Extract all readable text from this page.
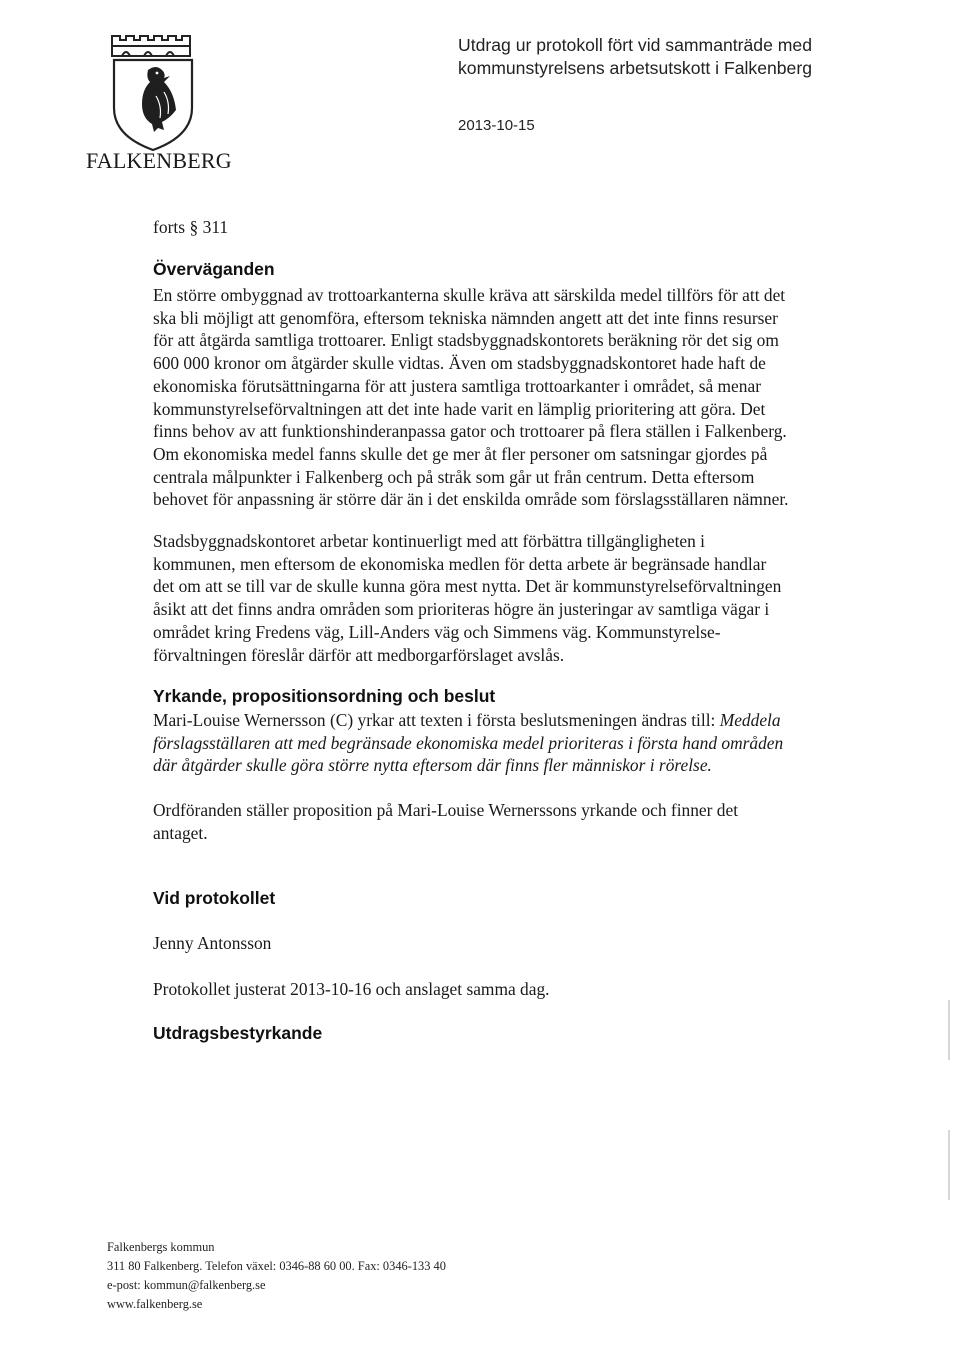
FALKENBERG
Utdrag ur protokoll fört vid sammanträde med
kommunstyrelsens arbetsutskott i Falkenberg
2013-10-15
forts § 311
Överväganden
En större ombyggnad av trottoarkanterna skulle kräva att särskilda medel tillförs för att det
ska bli möjligt att genomföra, eftersom tekniska nämnden angett att det inte finns resurser
för att åtgärda samtliga trottoarer. Enligt stadsbyggnadskontorets beräkning rör det sig om
600 000 kronor om åtgärder skulle vidtas. Även om stadsbyggnadskontoret hade haft de
ekonomiska förutsättningarna för att justera samtliga trottoarkanter i området, så menar
kommunstyrelseförvaltningen att det inte hade varit en lämplig prioritering att göra. Det
finns behov av att funktionshinderanpassa gator och trottoarer på flera ställen i Falkenberg.
Om ekonomiska medel fanns skulle det ge mer åt fler personer om satsningar gjordes på
centrala målpunkter i Falkenberg och på stråk som går ut från centrum. Detta eftersom
behovet för anpassning är större där än i det enskilda område som förslagsställaren nämner.
Stadsbyggnadskontoret arbetar kontinuerligt med att förbättra tillgängligheten i
kommunen, men eftersom de ekonomiska medlen för detta arbete är begränsade handlar
det om att se till var de skulle kunna göra mest nytta. Det är kommunstyrelseförvaltningen
åsikt att det finns andra områden som prioriteras högre än justeringar av samtliga vägar i
området kring Fredens väg, Lill-Anders väg och Simmens väg. Kommunstyrelse-
förvaltningen föreslår därför att medborgarförslaget avslås.
Yrkande, propositionsordning och beslut
Mari-Louise Wernersson (C) yrkar att texten i första beslutsmeningen ändras till: Meddela
förslagsställaren att med begränsade ekonomiska medel prioriteras i första hand områden
där åtgärder skulle göra större nytta eftersom där finns fler människor i rörelse.
Ordföranden ställer proposition på Mari-Louise Wernerssons yrkande och finner det
antaget.
Vid protokollet
Jenny Antonsson
Protokollet justerat 2013-10-16 och anslaget samma dag.
Utdragsbestyrkande
Falkenbergs kommun
311 80 Falkenberg. Telefon växel: 0346-88 60 00. Fax: 0346-133 40
e-post: kommun@falkenberg.se
www.falkenberg.se
